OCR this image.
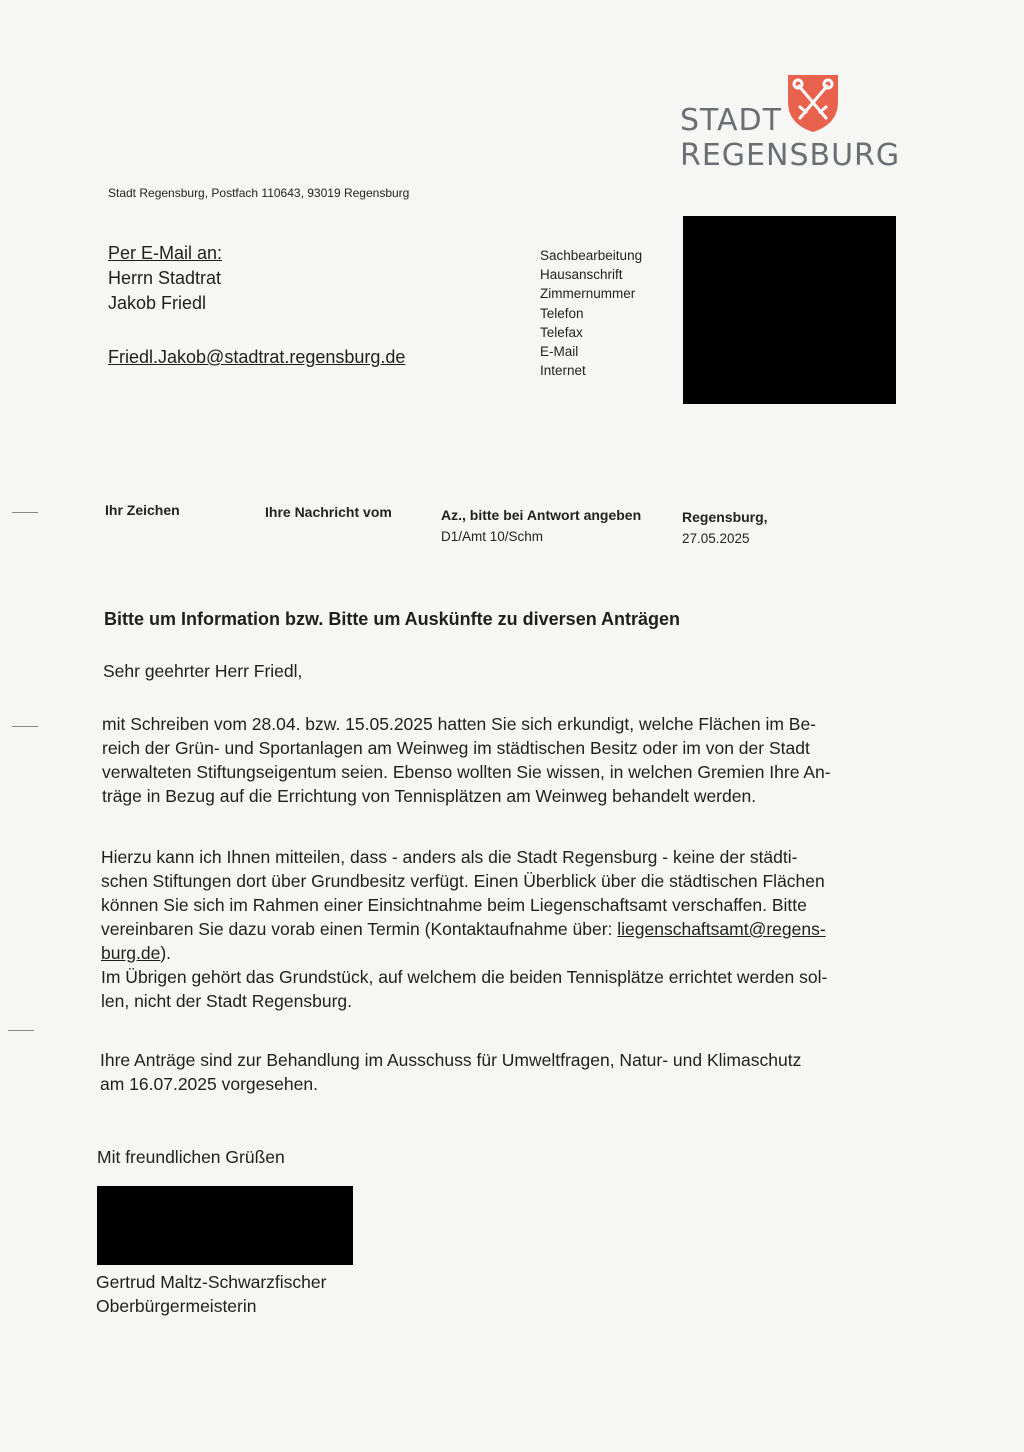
STADT
REGENSBURG
Stadt Regensburg, Postfach 110643, 93019 Regensburg
Per E-Mail an:
Herrn Stadtrat
Jakob Friedl
Friedl.Jakob@stadtrat.regensburg.de
Sachbearbeitung
Hausanschrift
Zimmernummer
Telefon
Telefax
E-Mail
Internet
Ihr Zeichen	Ihre Nachricht vom	Az., bitte bei Antwort angeben
D1/Amt 10/Schm
Regensburg,
27.05.2025
Bitte um Information bzw. Bitte um Auskünfte zu diversen Anträgen
Sehr geehrter Herr Friedl,
mit Schreiben vom 28.04. bzw. 15.05.2025 hatten Sie sich erkundigt, welche Flächen im Be-
reich der Grün- und Sportanlagen am Weinweg im städtischen Besitz oder im von der Stadt
verwalteten Stiftungseigentum seien. Ebenso wollten Sie wissen, in welchen Gremien Ihre An-
träge in Bezug auf die Errichtung von Tennisplätzen am Weinweg behandelt werden.
Hierzu kann ich Ihnen mitteilen, dass - anders als die Stadt Regensburg - keine der städti-
schen Stiftungen dort über Grundbesitz verfügt. Einen Überblick über die städtischen Flächen
können Sie sich im Rahmen einer Einsichtnahme beim Liegenschaftsamt verschaffen. Bitte
vereinbaren Sie dazu vorab einen Termin (Kontaktaufnahme über: liegenschaftsamt@regens-
burg.de).
Im Übrigen gehört das Grundstück, auf welchem die beiden Tennisplätze errichtet werden sol-
len, nicht der Stadt Regensburg.
Ihre Anträge sind zur Behandlung im Ausschuss für Umweltfragen, Natur- und Klimaschutz
am 16.07.2025 vorgesehen.
Mit freundlichen Grüßen
Gertrud Maltz-Schwarzfischer
Oberbürgermeisterin
